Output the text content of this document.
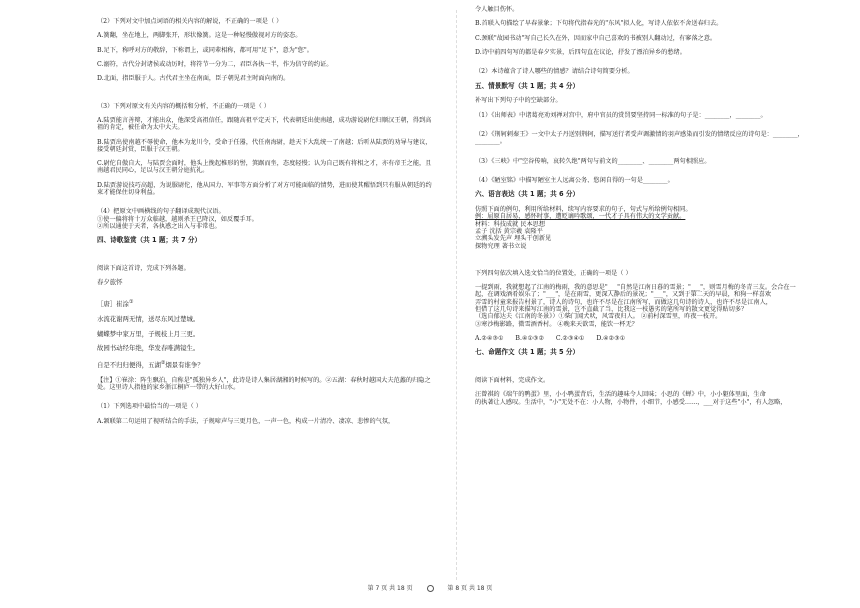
（2）下列对文中加点词语的相关内容的解说，不正确的一项是（ ）

A.簧翻，坐在地上，两脚张开，形状像簧。这是一种轻慢傲视对方的姿态。

B.足下，称呼对方的敬辞，下称谓上，或同辈相称，都可用"足下"，意为"您"。

C.溺符，古代分封诸侯或动厉时，将符节一分为二，君臣各执一半，作为信守的约证。

D.北面，指臣服于人。古代君主坐在南面，臣子朝见君主时面向南的。

（3）下列对原文有关内容的概括和分析，不正确的一项是（ ）

A.陆贾能言善辩，才能出众，他深受高祖信任，跟随高祖平定天下，代表朝廷出使南越，成功游说尉佗归顺汉王朝，得到高祖的肯定，被任命为太中大夫。

B.陆贾出使南越不辱使命，他本为龙川令，受命于任嚣，代任南海尉，趁天下大乱统一了南越；后听从陆贾的劝导与建议，接受朝廷封赏，臣服于汉王朝。

C.尉佗自傲自大，与陆贾会面时，他头上挽起椎形的髻，箕踞而坐，态度轻慢；认为自己既有将相之才，亦有帝王之能，且南越君民同心，足以与汉王朝分庭抗礼。

D.陆贾游说技巧高超，为说服尉佗，他从国力、军事等方面分析了对方可能面临的情势，进而使其醒悟到只有服从朝廷的约束才能保住切身利益。

（4）把原文中画横线的句子翻译成现代汉语。

①使一偏将将十万众临越，越则杀王已降汉，如反覆手耳。

②所以通使于天者，各执惑之出入与非常也。

四、诗歌鉴赏（共 1 题；共 7 分）

阅读下面这首诗，完成下列各题。

春夕旅怀

［唐］崔涂①

水流花谢两无情，送尽东风过楚城。

蝴蝶梦中家万里，子规枝上月三更。

故园书动经年绝，华发春唯满镜生。

自是不归归便得，五湖②烟景有谁争？

【注】①崔涂：阵生飘泊，自称是"孤独异乡人"，此诗是诗人集居湖湘的时候写的。②五湖：春秋时越国大夫范蠡的归隐之处。这里诗人指他的家乡浙江桐庐一带的大好山水。

（1）下列选项中最恰当的一项是（ ）

A.颔联第二句运用了视听结合的手法，子规啼声与三更月色，一声一色，构成一片清冷、凄凉、悲惨的气氛，

令人触目伤怀。

B.首联入句描绘了早春景象；下句将代指春光的"东风"拟人化，写诗人依依不舍送春归去。

C.颈联"故园书动"写自己长久在外，因而家中自己喜欢的书被别人翻动过，有寥落之意。

D.诗中前四句写的都是春夕实景，后四句直在议论，抒发了漂泊异乡的愁绪。

（2）本诗蕴含了诗人哪些的情感？请结合诗句简要分析。

五、情景默写（共 1 题；共 4 分）

补写出下列句子中的空缺部分。

（1）《出师表》中诸葛亮劝刘禅对宫中，府中官员的赏罚要坚持同一标准的句子是：________，________。

（2）《荆轲刺秦王》一文中太子丹送别荆轲，描写送行者受声调激情的羽声感染而引发的情绪反应的诗句是：________，

________。

（3）《三峡》中"空谷传响，哀转久绝"两句与前文的________、________两句相照应。

（4）《陋室铭》中描写陋室主人远离公务、悠闲自得的一句是________。

六、语言表达（共 1 题；共 6 分）

仿照下面的例句，利用所给材料，续写内容要求的句子，句式与所给例句相同。

例：屈原自居易，感怀时事，遭贬谪吟歌颂，一代才子具有伟大的文学贡献。

材料：科技成就 民本思想

孟子 沈括 黄宗羲 袁隆平

立溯头发先声 埋头干创新见

探物究理 著书立说

下列四句依次填入选文恰当的位置处，正确的一项是（ ）

一提到雨，我就想起了江南的梅雨，我的意思是"___"自然是江南日暮的雪景；"___"，则雪月梅的冬青三友。会合在一

起，在调戏酒肴娱乐了；"___"，是在雨雪，更深人静后的景况；"___"，又到于第二天的早晨，和狗一样喜欢

弄雪的村童来报告村景了，诗人的诗句，也许不尽是在江南所写，而做这几句诗的诗人，也许不尽是江南人，

但借了这几句诗来描写江南的雪景，岂不直截了当，比我这一枝愚劣的笔所写的散文更觉得贴切多？

（选自郁达夫《江南的冬景》）①柴门闻犬吠，风雪夜归人。 ②前村深雪里，昨夜一枝开。

③寒沙梅影路，微雪酒香村。 ④晚来天欲雪，能饮一杯无？

A.②④③①      B.④①③②      C.②③④①      D.④②③①

七、命题作文（共 1 题；共 5 分）

阅读下面材料，完成作文。

汪曾祺的《端午的鸭蛋》里，小小鸭蛋背后，生活的趣味令人回味；小思的《蝉》中，小小躯体里面，生命

的执著让人感叹。生活中，"小"无处不在：小人物，小物件，小细节，小感受……，___对于这些"小"，有人忽略，

第 7 页 共 18 页	第 8 页 共 18 页
